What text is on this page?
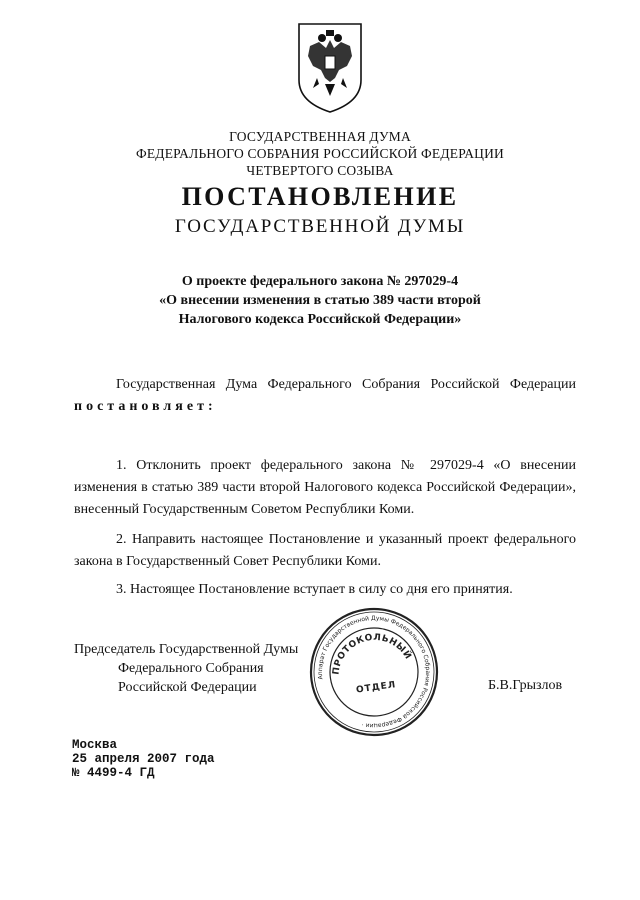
ГОСУДАРСТВЕННАЯ ДУМА
ФЕДЕРАЛЬНОГО СОБРАНИЯ РОССИЙСКОЙ ФЕДЕРАЦИИ
ЧЕТВЕРТОГО СОЗЫВА
ПОСТАНОВЛЕНИЕ
ГОСУДАРСТВЕННОЙ ДУМЫ
О проекте федерального закона № 297029-4
«О внесении изменения в статью 389 части второй
Налогового кодекса Российской Федерации»
Государственная Дума Федерального Собрания Российской Федерации постановляет:
1. Отклонить проект федерального закона № 297029-4 «О внесении изменения в статью 389 части второй Налогового кодекса Российской Федерации», внесенный Государственным Советом Республики Коми.
2. Направить настоящее Постановление и указанный проект федерального закона в Государственный Совет Республики Коми.
3. Настоящее Постановление вступает в силу со дня его принятия.
Председатель Государственной Думы
Федерального Собрания
Российской Федерации	Б.В.Грызлов
Аппарат Государственной Думы Федерального Собрания Российской Федерации ·
ПРОТОКОЛЬНЫЙ
ОТДЕЛ
Москва
25 апреля 2007 года
№ 4499-4 ГД
